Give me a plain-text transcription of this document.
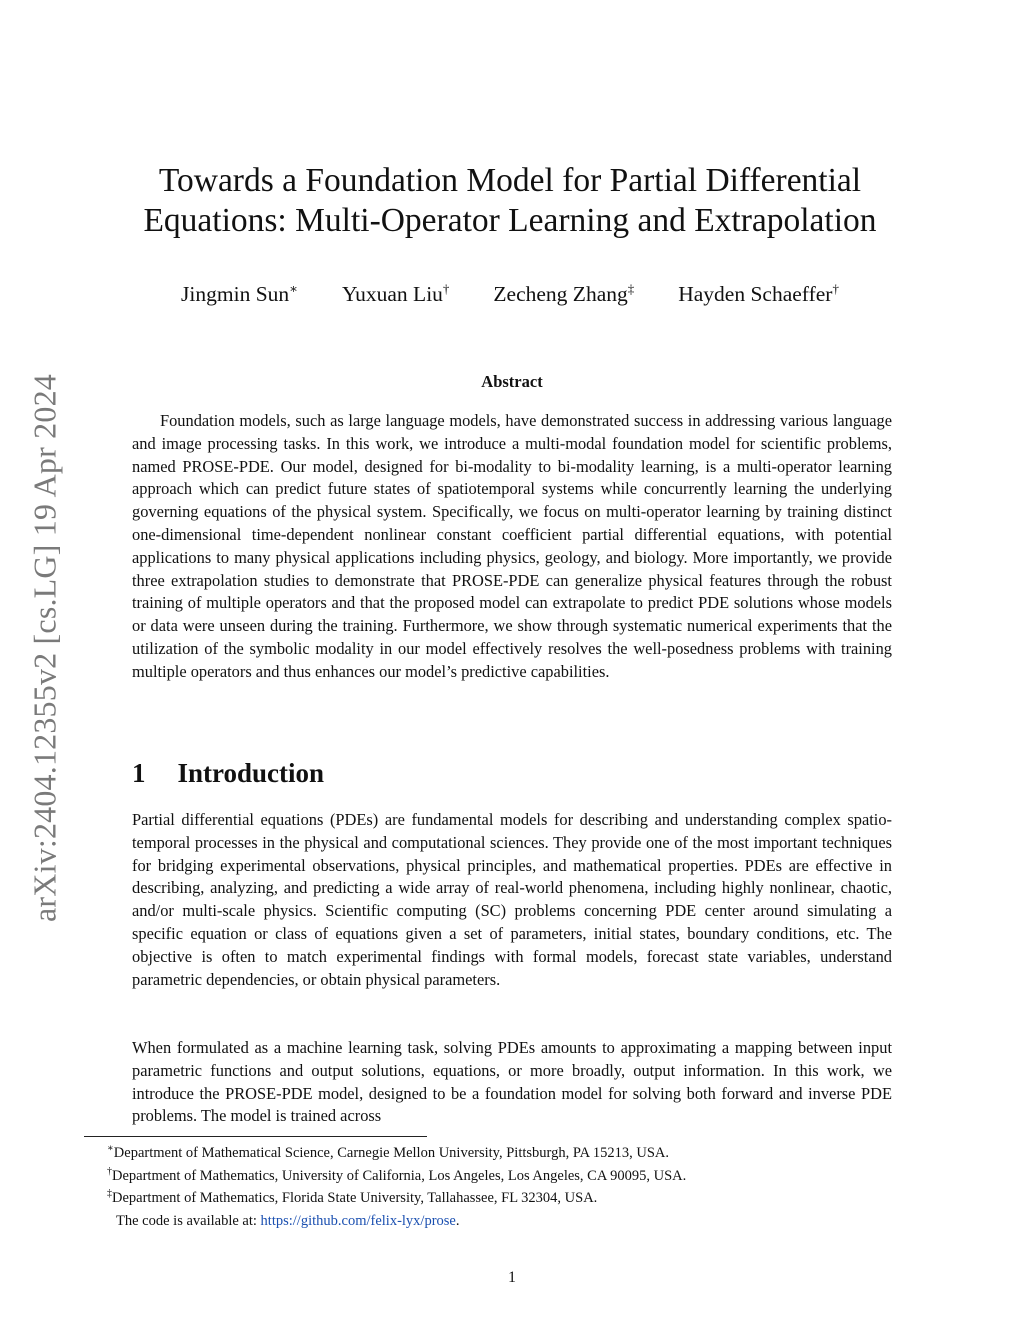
arXiv:2404.12355v2 [cs.LG] 19 Apr 2024
Towards a Foundation Model for Partial Differential
Equations: Multi-Operator Learning and Extrapolation
Jingmin Sun∗ Yuxuan Liu† Zecheng Zhang‡ Hayden Schaeffer†
Abstract

Foundation models, such as large language models, have demonstrated success in addressing various language and image processing tasks. In this work, we introduce a multi-modal foundation model for scientific problems, named PROSE-PDE. Our model, designed for bi-modality to bi-modality learning, is a multi-operator learning approach which can predict future states of spatiotemporal systems while concurrently learning the underlying governing equations of the physical system. Specifically, we focus on multi-operator learning by training distinct one-dimensional time-dependent nonlinear constant coefficient partial differential equations, with potential applications to many physical applications including physics, geology, and biology. More importantly, we provide three extrapolation studies to demonstrate that PROSE-PDE can generalize physical features through the robust training of multiple operators and that the proposed model can extrapolate to predict PDE solutions whose models or data were unseen during the training. Furthermore, we show through systematic numerical experiments that the utilization of the symbolic modality in our model effectively resolves the well-posedness problems with training multiple operators and thus enhances our model’s predictive capabilities.

1 Introduction

Partial differential equations (PDEs) are fundamental models for describing and understanding complex spatio-temporal processes in the physical and computational sciences. They provide one of the most important techniques for bridging experimental observations, physical principles, and mathematical properties. PDEs are effective in describing, analyzing, and predicting a wide array of real-world phenomena, including highly nonlinear, chaotic, and/or multi-scale physics. Scientific computing (SC) problems concerning PDE center around simulating a specific equation or class of equations given a set of parameters, initial states, boundary conditions, etc. The objective is often to match experimental findings with formal models, forecast state variables, understand parametric dependencies, or obtain physical parameters.

When formulated as a machine learning task, solving PDEs amounts to approximating a mapping between input parametric functions and output solutions, equations, or more broadly, output information. In this work, we introduce the PROSE-PDE model, designed to be a foundation model for solving both forward and inverse PDE problems. The model is trained across

∗Department of Mathematical Science, Carnegie Mellon University, Pittsburgh, PA 15213, USA.
†Department of Mathematics, University of California, Los Angeles, Los Angeles, CA 90095, USA.
‡Department of Mathematics, Florida State University, Tallahassee, FL 32304, USA.
The code is available at: https://github.com/felix-lyx/prose.
1
